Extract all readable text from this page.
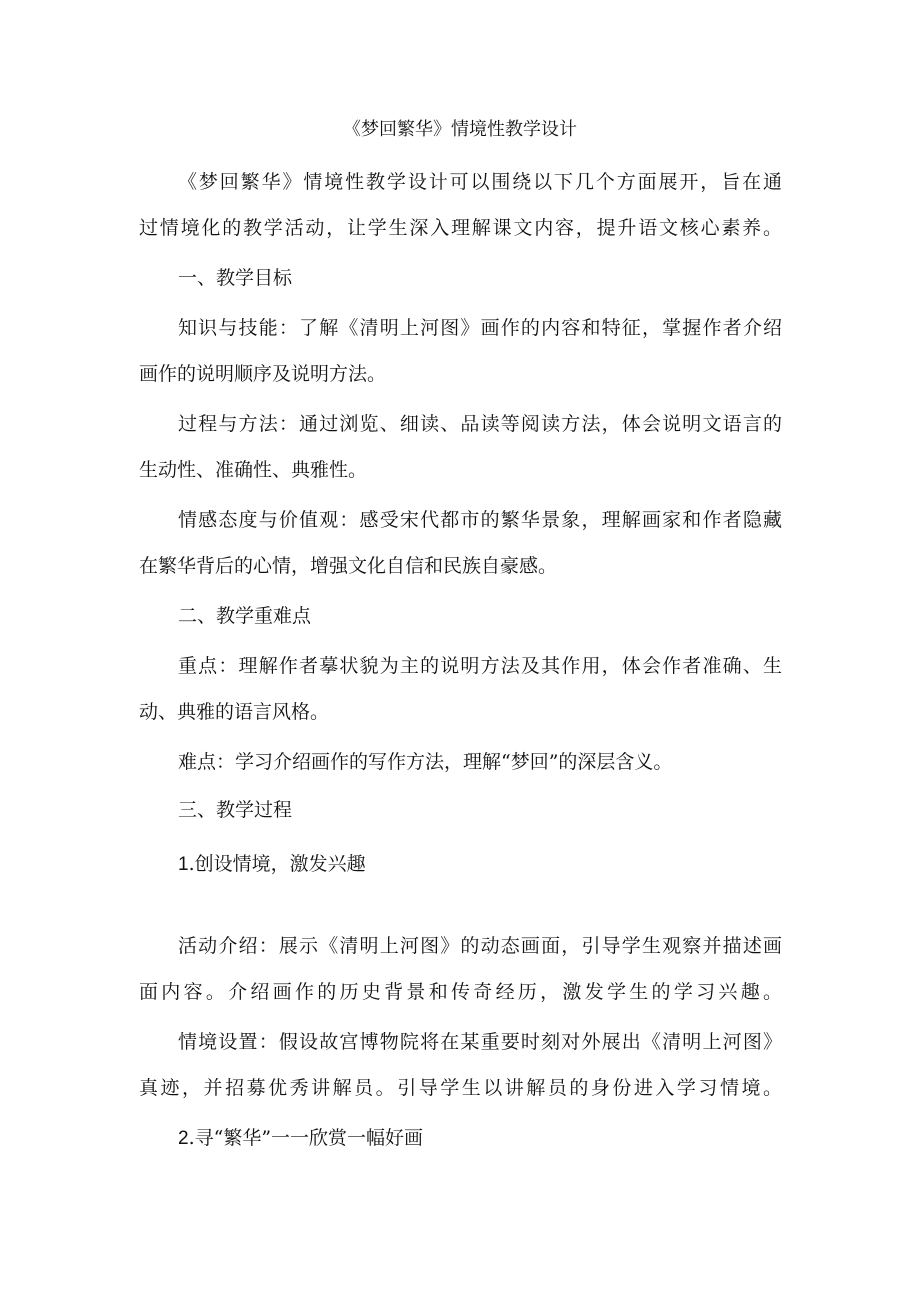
《梦回繁华》情境性教学设计
《梦回繁华》情境性教学设计可以围绕以下几个方面展开，旨在通
过情境化的教学活动，让学生深入理解课文内容，提升语文核心素养。
一、教学目标
知识与技能：了解《清明上河图》画作的内容和特征，掌握作者介绍
画作的说明顺序及说明方法。
过程与方法：通过浏览、细读、品读等阅读方法，体会说明文语言的
生动性、准确性、典雅性。
情感态度与价值观：感受宋代都市的繁华景象，理解画家和作者隐藏
在繁华背后的心情，增强文化自信和民族自豪感。
二、教学重难点
重点：理解作者摹状貌为主的说明方法及其作用，体会作者准确、生
动、典雅的语言风格。
难点：学习介绍画作的写作方法，理解“梦回”的深层含义。
三、教学过程
1.创设情境，激发兴趣
活动介绍：展示《清明上河图》的动态画面，引导学生观察并描述画
面内容。介绍画作的历史背景和传奇经历，激发学生的学习兴趣。
情境设置：假设故宫博物院将在某重要时刻对外展出《清明上河图》
真迹，并招募优秀讲解员。引导学生以讲解员的身份进入学习情境。
2.寻“繁华”一一欣赏一幅好画
